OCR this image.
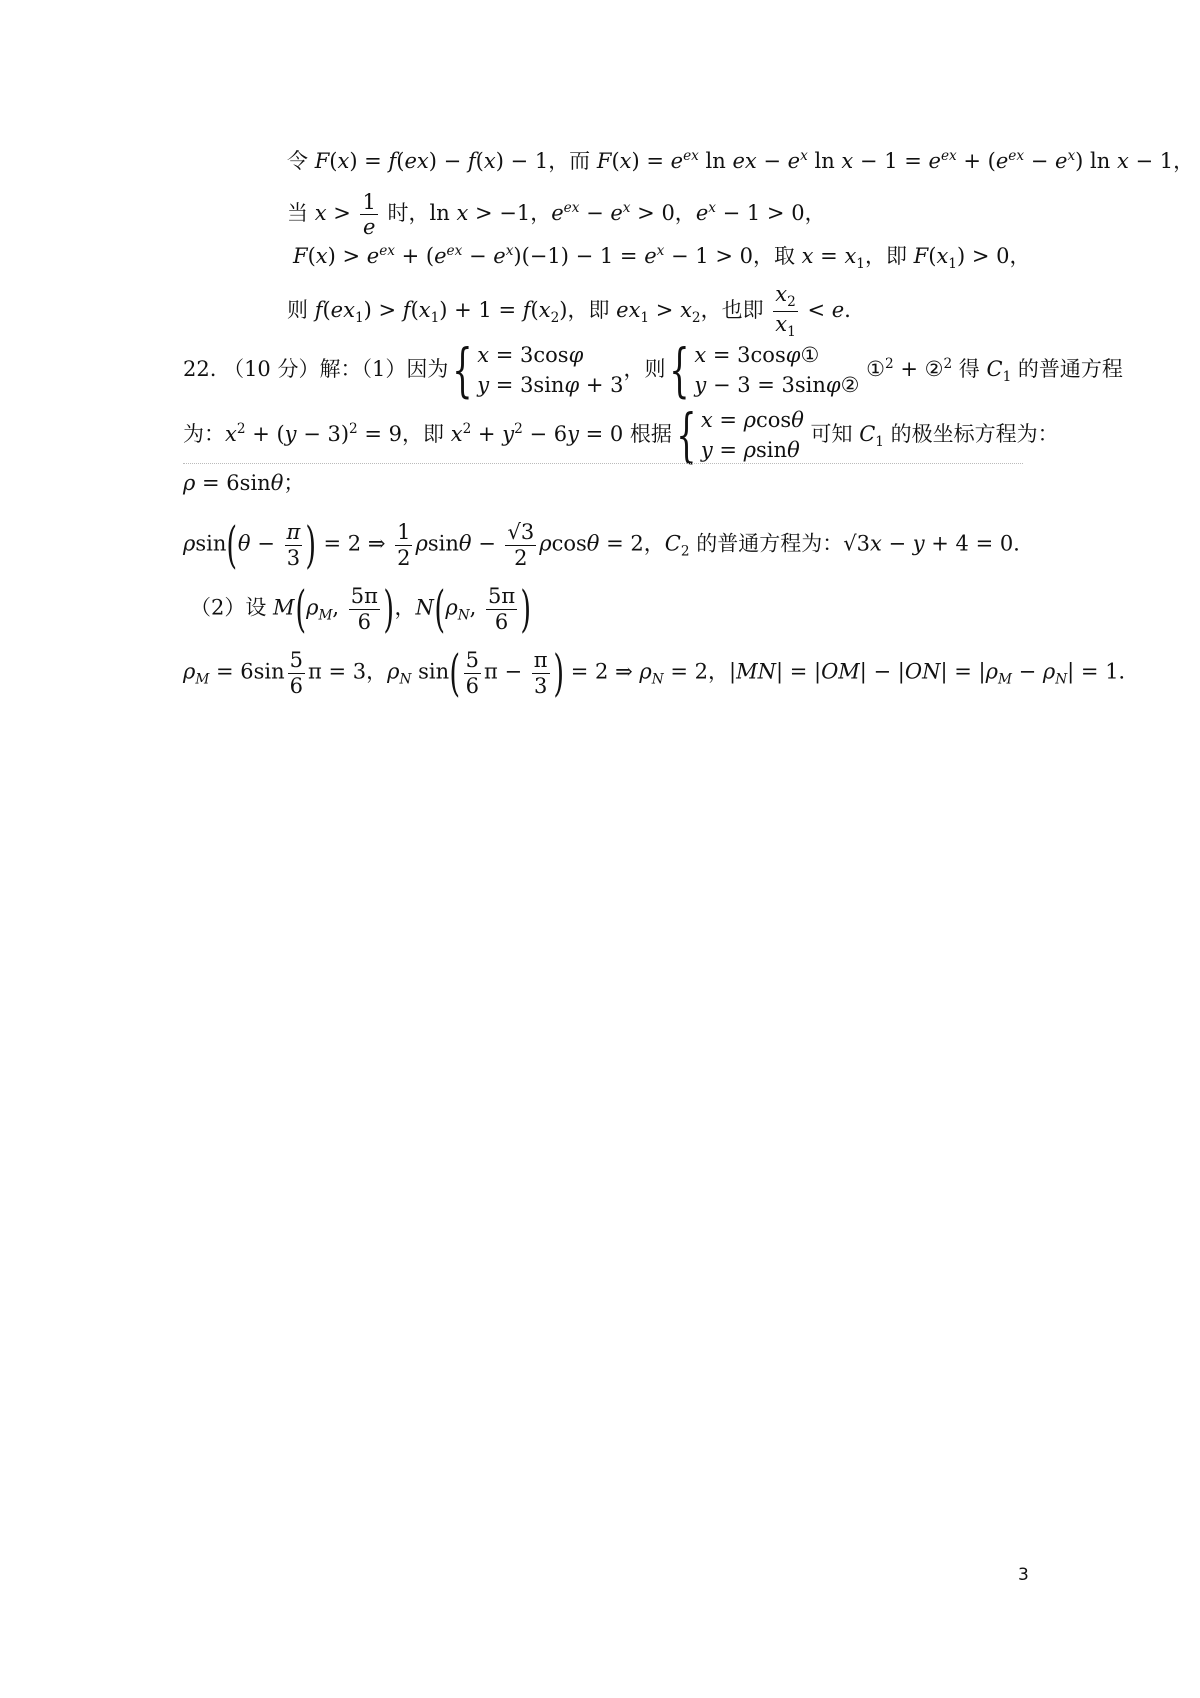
令 F(x) = f(ex) − f(x) − 1，而 $F(x) = e^{ex}$ ln ex − $e^x$ $\ln x - 1 = e^{ex} + (e^{ex} - e^x)$ ln x − 1，
当 $x > \frac{1}{e}$ 时，ln x > −1，$e^{ex} - e^x > 0$，$e^x - 1 > 0$，
$F(x) > e^{ex} + (e^{ex} - e^x)(-1) - 1 = e^x - 1 > 0$，取 $x = x_1$，即 $F(x_1) > 0$，
则 $f(ex_1) > f(x_1) + 1 = f(x_2)$，即 $ex_1 > x_2$，也即 $\frac{x_2}{x_1} < e$．
22. （10 分）解：（1）因为{ x = 3cosφ
y = 3sinφ + 3
，则{ x = 3cosφ①
y − 3 = 3sinφ②
①$^2$ + ②$^2$ 得 $C_1$ 的普通方程
为：$x^2 + (y - 3)^2 = 9$，即 $x^2 + y^2 - 6y = 0$ 根据{ x = ρcosθ
y = ρsinθ
可知 $C_1$ 的极坐标方程为：
ρ = 6sinθ；
$\rho\sin(\theta - \frac{\pi}{3}$ ) = 2 ⇒ $\frac{1}{2}$ $\rho\sin\theta - \frac{√3}{2}$ ρcosθ = 2，$C_2$ 的普通方程为：√3x − y + 4 = 0．
（2）设 $M(\rho_M$, $\frac{5\pi}{6}$ )，$N(\rho_N$, $\frac{5\pi}{6}$ )
$\rho_M = 6\sin \frac{5}{6}$ π = 3，$\rho_N$ $\sin( \frac{5}{6}$ $\pi - \frac{\pi}{3}$ ) = 2 ⇒ $\rho_N = 2$，$|MN| = |OM| - |ON| = |\rho_M - \rho_N| = 1$．
3
